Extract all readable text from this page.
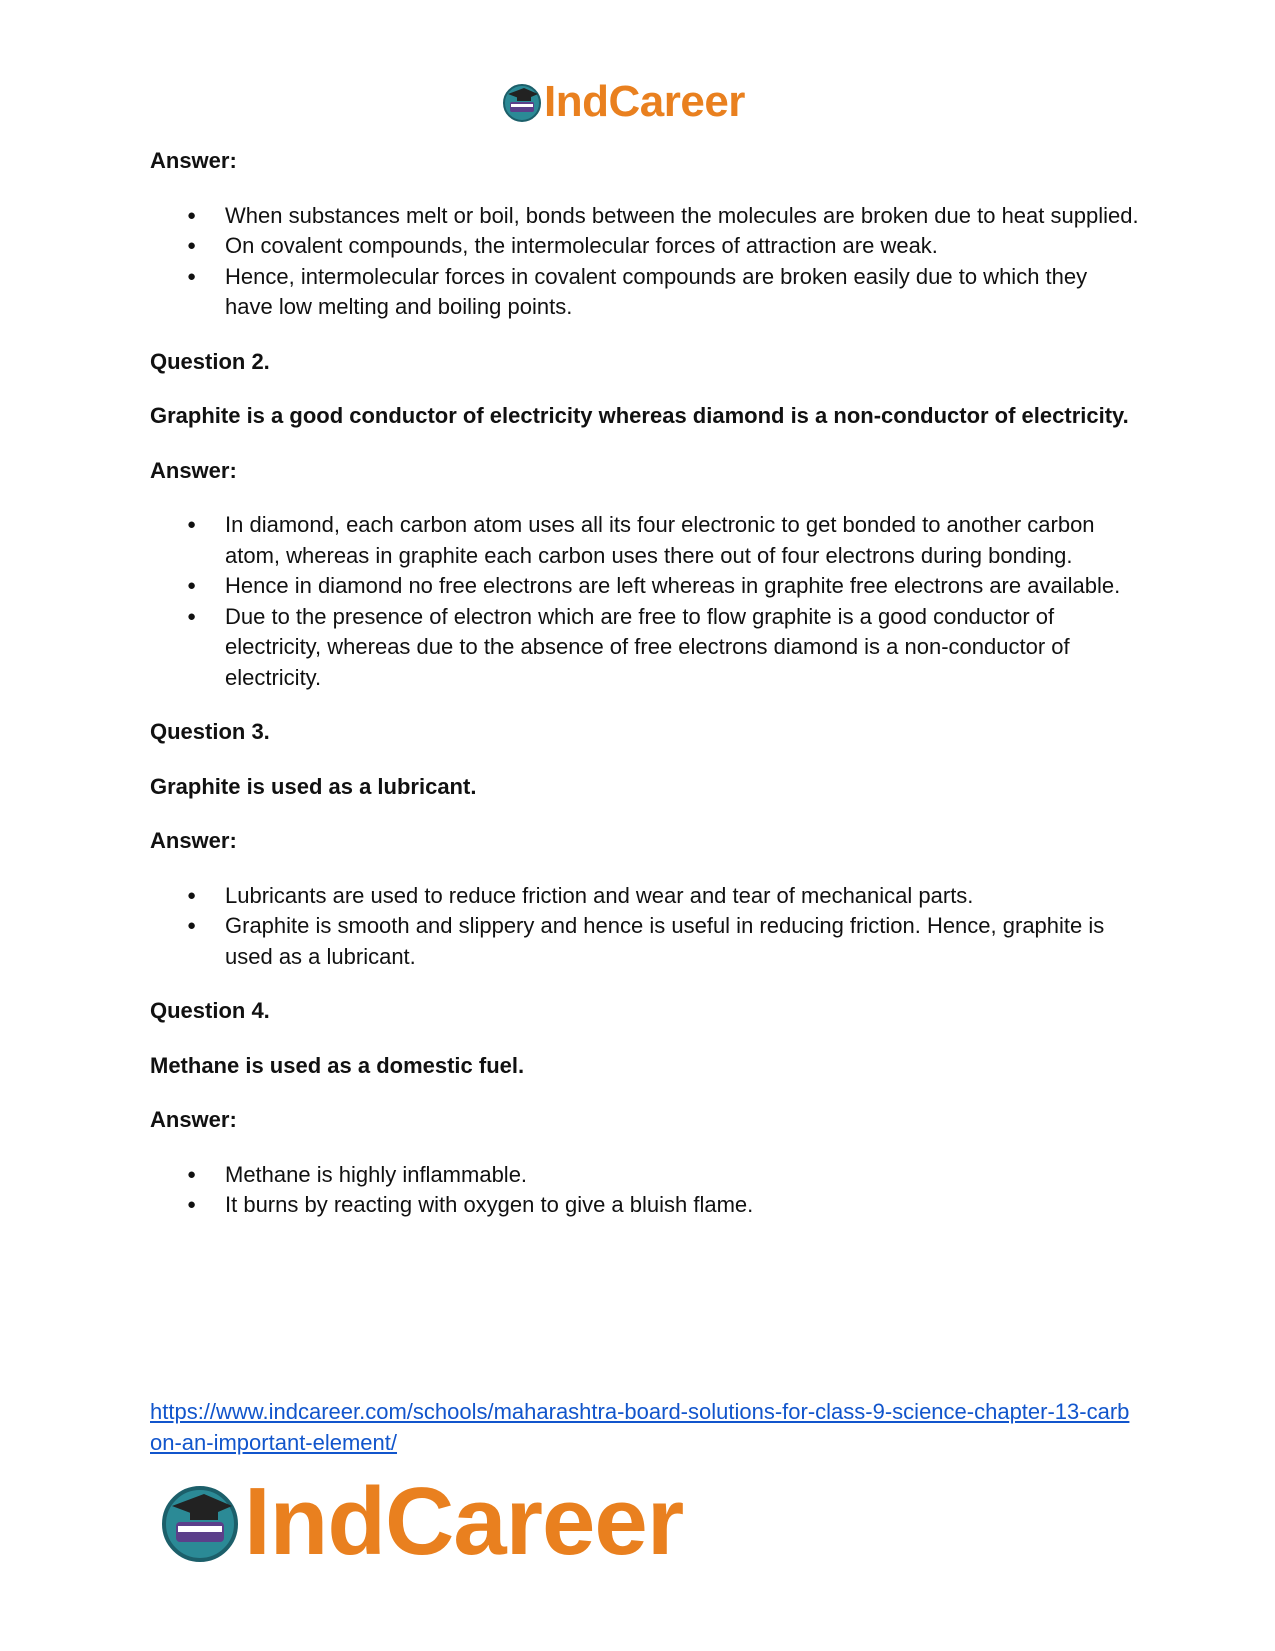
IndCareer

Answer:

● When substances melt or boil, bonds between the molecules are broken due to heat supplied.
● On covalent compounds, the intermolecular forces of attraction are weak.
● Hence, intermolecular forces in covalent compounds are broken easily due to which they have low melting and boiling points.

Question 2.

Graphite is a good conductor of electricity whereas diamond is a non-conductor of electricity.

Answer:

● In diamond, each carbon atom uses all its four electronic to get bonded to another carbon atom, whereas in graphite each carbon uses there out of four electrons during bonding.
● Hence in diamond no free electrons are left whereas in graphite free electrons are available.
● Due to the presence of electron which are free to flow graphite is a good conductor of electricity, whereas due to the absence of free electrons diamond is a non-conductor of electricity.

Question 3.

Graphite is used as a lubricant.

Answer:

● Lubricants are used to reduce friction and wear and tear of mechanical parts.
● Graphite is smooth and slippery and hence is useful in reducing friction. Hence, graphite is used as a lubricant.

Question 4.

Methane is used as a domestic fuel.

Answer:

● Methane is highly inflammable.
● It burns by reacting with oxygen to give a bluish flame.
https://www.indcareer.com/schools/maharashtra-board-solutions-for-class-9-science-chapter-13-carbon-an-important-element/
IndCareer
